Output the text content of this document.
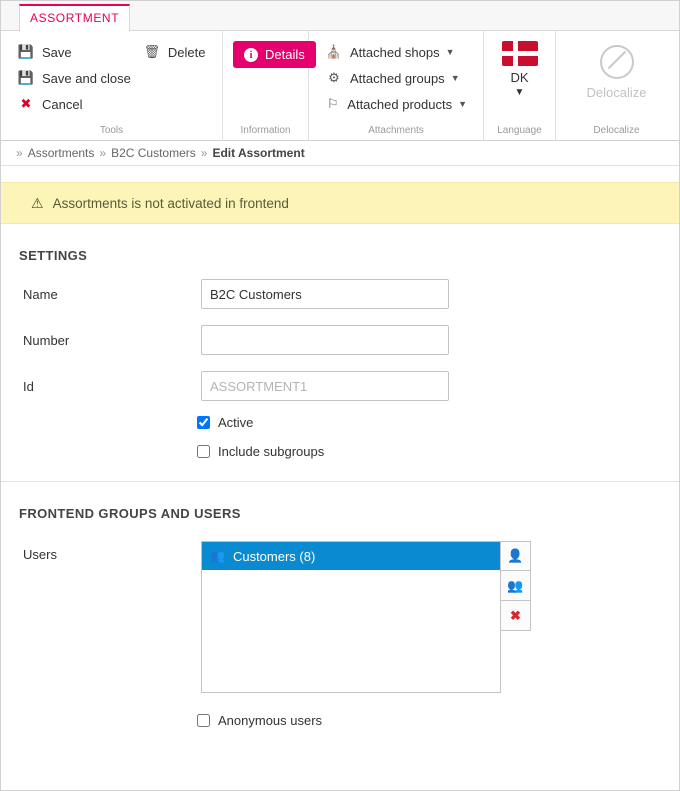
ASSORTMENT
💾 Save
💾 Save and close
✖ Cancel
🗑 Delete
Tools
i Details
Information
⛪ Attached shops ▼
⚙ Attached groups ▼
⚐ Attached products ▼
Attachments
DK
▼
Language
Delocalize
Delocalize
» Assortments » B2C Customers » Edit Assortment
⚠ Assortments is not activated in frontend
SETTINGS
Name
B2C Customers
Number
Id
ASSORTMENT1
Active
Include subgroups
FRONTEND GROUPS AND USERS
Users	👥 Customers (8)	👤
👥
✖
Anonymous users
